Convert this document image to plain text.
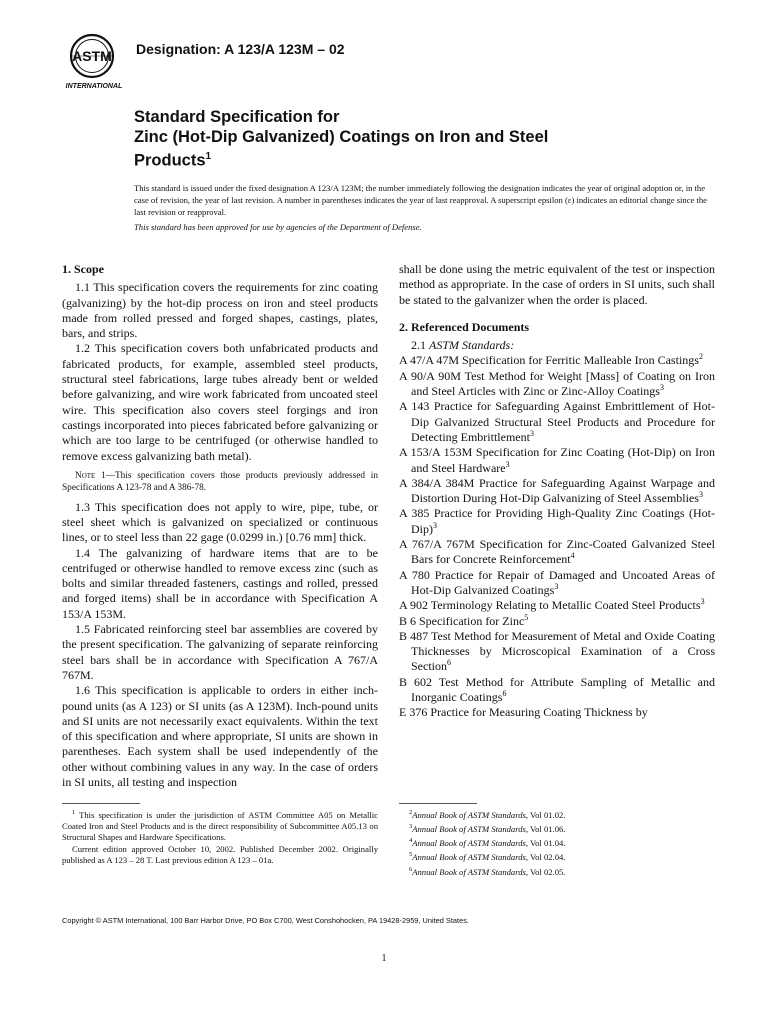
ASTM
INTERNATIONAL
Designation: A 123/A 123M – 02
Standard Specification for
Zinc (Hot-Dip Galvanized) Coatings on Iron and Steel
Products$^1$

This standard is issued under the fixed designation A 123/A 123M; the number immediately following the designation indicates the year of original adoption or, in the case of revision, the year of last revision. A number in parentheses indicates the year of last reapproval. A superscript epsilon (ε) indicates an editorial change since the last revision or reapproval.

This standard has been approved for use by agencies of the Department of Defense.

1. Scope

1.1 This specification covers the requirements for zinc coating (galvanizing) by the hot-dip process on iron and steel products made from rolled pressed and forged shapes, castings, plates, bars, and strips.

1.2 This specification covers both unfabricated products and fabricated products, for example, assembled steel products, structural steel fabrications, large tubes already bent or welded before galvanizing, and wire work fabricated from uncoated steel wire. This specification also covers steel forgings and iron castings incorporated into pieces fabricated before galvanizing or which are too large to be centrifuged (or otherwise handled to remove excess galvanizing bath metal).

Note 1—This specification covers those products previously addressed in Specifications A 123-78 and A 386-78.

1.3 This specification does not apply to wire, pipe, tube, or steel sheet which is galvanized on specialized or continuous lines, or to steel less than 22 gage (0.0299 in.) [0.76 mm] thick.

1.4 The galvanizing of hardware items that are to be centrifuged or otherwise handled to remove excess zinc (such as bolts and similar threaded fasteners, castings and rolled, pressed and forged items) shall be in accordance with Specification A 153/A 153M.

1.5 Fabricated reinforcing steel bar assemblies are covered by the present specification. The galvanizing of separate reinforcing steel bars shall be in accordance with Specification A 767/A 767M.

1.6 This specification is applicable to orders in either inch-pound units (as A 123) or SI units (as A 123M). Inch-pound units and SI units are not necessarily exact equivalents. Within the text of this specification and where appropriate, SI units are shown in parentheses. Each system shall be used independently of the other without combining values in any way. In the case of orders in SI units, all testing and inspection

shall be done using the metric equivalent of the test or inspection method as appropriate. In the case of orders in SI units, such shall be stated to the galvanizer when the order is placed.

2. Referenced Documents

2.1 ASTM Standards:

A 47/A 47M Specification for Ferritic Malleable Iron Castings$^2$

A 90/A 90M Test Method for Weight [Mass] of Coating on Iron and Steel Articles with Zinc or Zinc-Alloy Coatings$^3$

A 143 Practice for Safeguarding Against Embrittlement of Hot-Dip Galvanized Structural Steel Products and Procedure for Detecting Embrittlement$^3$

A 153/A 153M Specification for Zinc Coating (Hot-Dip) on Iron and Steel Hardware$^3$

A 384/A 384M Practice for Safeguarding Against Warpage and Distortion During Hot-Dip Galvanizing of Steel Assemblies$^3$

A 385 Practice for Providing High-Quality Zinc Coatings $(Hot-Dip)^3$

A 767/A 767M Specification for Zinc-Coated Galvanized Steel Bars for Concrete Reinforcement$^4$

A 780 Practice for Repair of Damaged and Uncoated Areas of Hot-Dip Galvanized Coatings$^3$

A 902 Terminology Relating to Metallic Coated Steel Products$^3$

B 6 Specification for Zinc$^5$

B 487 Test Method for Measurement of Metal and Oxide Coating Thicknesses by Microscopical Examination of a Cross Section$^6$

B 602 Test Method for Attribute Sampling of Metallic and Inorganic Coatings$^6$

E 376 Practice for Measuring Coating Thickness by

$^1$ This specification is under the jurisdiction of ASTM Committee A05 on Metallic Coated Iron and Steel Products and is the direct responsibility of Subcommittee A05.13 on Structural Shapes and Hardware Specifications.

Current edition approved October 10, 2002. Published December 2002. Originally published as A 123 – 28 T. Last previous edition A 123 – 01a.

$^2$Annual Book of ASTM Standards, Vol 01.02.

$^3$Annual Book of ASTM Standards, Vol 01.06.

$^4$Annual Book of ASTM Standards, Vol 01.04.

$^5$Annual Book of ASTM Standards, Vol 02.04.

$^6$Annual Book of ASTM Standards, Vol 02.05.

Copyright © ASTM International, 100 Barr Harbor Drive, PO Box C700, West Conshohocken, PA 19428-2959, United States.
1
